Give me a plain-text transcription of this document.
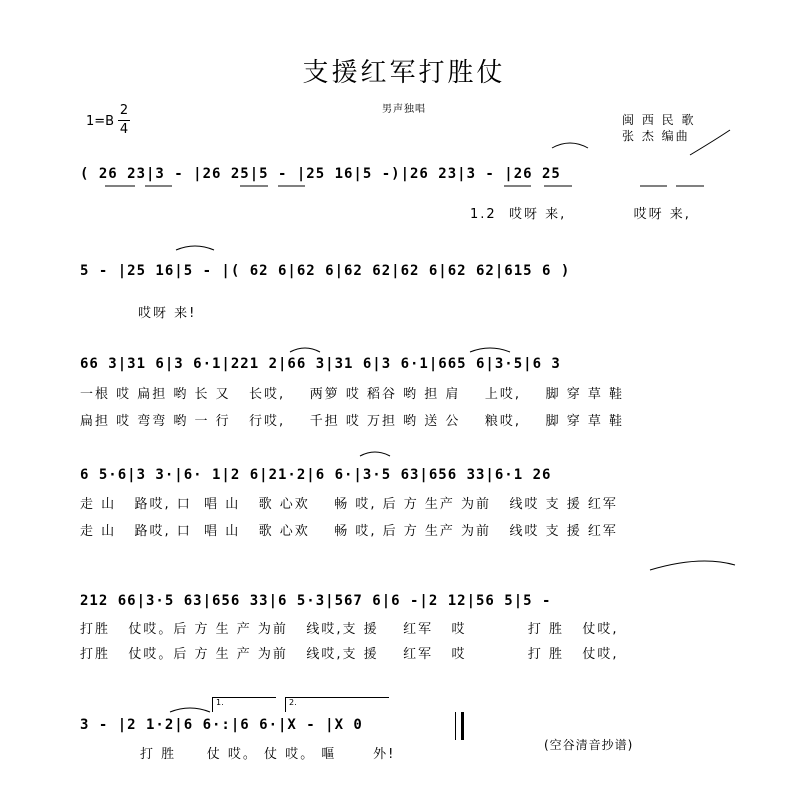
支援红军打胜仗
男声独唱
1=B
2
4
闽 西 民 歌
张 杰 编曲
( 26 23|3 - |26 25|5 - |25 16|5 -)|26 23|3 - |26 25
1.2  哎呀 来,           哎呀 来,
5 - |25 16|5 - |( 62 6|62 6|62 62|62 6|62 62|615 6 )
哎呀 来!
66 3|31 6|3 6·1|221 2|66 3|31 6|3 6·1|665 6|3·5|6 3
一根 哎 扁担 哟 长 又   长哎,    两箩 哎 稻谷 哟 担 肩    上哎,    脚 穿 草 鞋
扁担 哎 弯弯 哟 一 行   行哎,    千担 哎 万担 哟 送 公    粮哎,    脚 穿 草 鞋
6 5·6|3 3·|6· 1|2 6|21·2|6 6·|3·5 63|656 33|6·1 26
走 山   路哎, 口  唱 山   歌 心欢    畅 哎, 后 方 生产 为前   线哎 支 援 红军
走 山   路哎, 口  唱 山   歌 心欢    畅 哎, 后 方 生产 为前   线哎 支 援 红军
212 66|3·5 63|656 33|6 5·3|567 6|6 -|2 12|56 5|5 -
打胜   仗哎。后 方 生 产 为前   线哎,支 援    红军   哎          打 胜   仗哎,
打胜   仗哎。后 方 生 产 为前   线哎,支 援    红军   哎          打 胜   仗哎,
1.	2.
3 - |2 1·2|6 6·:|6 6·|X - |X 0
打 胜     仗 哎。 仗 哎。 嘔      外!
(空谷清音抄谱)
